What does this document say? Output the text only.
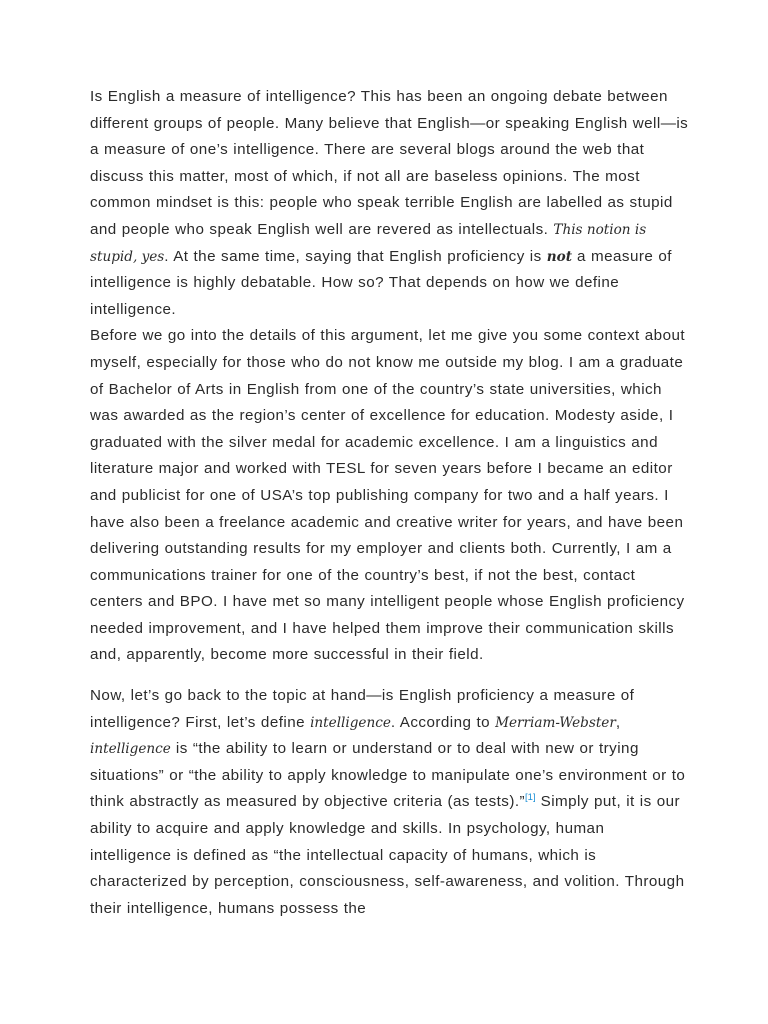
Is English a measure of intelligence? This has been an ongoing debate between different groups of people. Many believe that English—or speaking English well—is a measure of one’s intelligence. There are several blogs around the web that discuss this matter, most of which, if not all are baseless opinions. The most common mindset is this: people who speak terrible English are labelled as stupid and people who speak English well are revered as intellectuals. This notion is stupid, yes. At the same time, saying that English proficiency is not a measure of intelligence is highly debatable. How so? That depends on how we define intelligence.

Before we go into the details of this argument, let me give you some context about myself, especially for those who do not know me outside my blog. I am a graduate of Bachelor of Arts in English from one of the country’s state universities, which was awarded as the region’s center of excellence for education. Modesty aside, I graduated with the silver medal for academic excellence. I am a linguistics and literature major and worked with TESL for seven years before I became an editor and publicist for one of USA’s top publishing company for two and a half years. I have also been a freelance academic and creative writer for years, and have been delivering outstanding results for my employer and clients both. Currently, I am a communications trainer for one of the country’s best, if not the best, contact centers and BPO. I have met so many intelligent people whose English proficiency needed improvement, and I have helped them improve their communication skills and, apparently, become more successful in their field.

Now, let’s go back to the topic at hand—is English proficiency a measure of intelligence? First, let’s define intelligence. According to Merriam-Webster, intelligence is “the ability to learn or understand or to deal with new or trying situations” or “the ability to apply knowledge to manipulate one’s environment or to think abstractly as measured by objective criteria (as tests).”[1] Simply put, it is our ability to acquire and apply knowledge and skills. In psychology, human intelligence is defined as “the intellectual capacity of humans, which is characterized by perception, consciousness, self-awareness, and volition. Through their intelligence, humans possess the
